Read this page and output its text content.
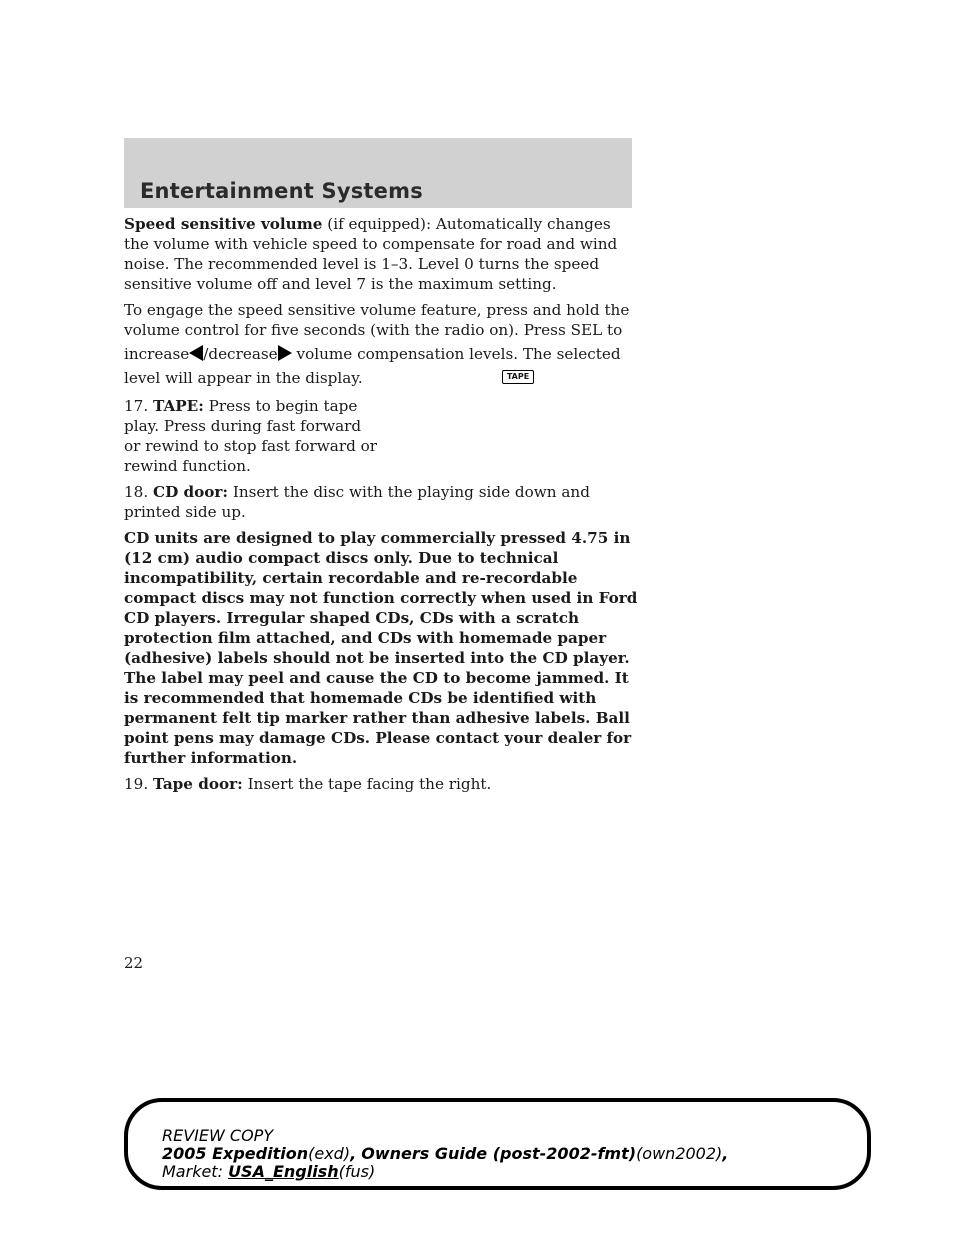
Entertainment Systems

Speed sensitive volume (if equipped): Automatically changes the volume with vehicle speed to compensate for road and wind noise. The recommended level is 1–3. Level 0 turns the speed sensitive volume off and level 7 is the maximum setting.

To engage the speed sensitive volume feature, press and hold the volume control for five seconds (with the radio on). Press SEL to

increase /decrease volume compensation levels. The selected level will appear in the display.

17. TAPE: Press to begin tape play. Press during fast forward or rewind to stop fast forward or rewind function.

18. CD door: Insert the disc with the playing side down and printed side up.

CD units are designed to play commercially pressed 4.75 in (12 cm) audio compact discs only. Due to technical incompatibility, certain recordable and re-recordable compact discs may not function correctly when used in Ford CD players. Irregular shaped CDs, CDs with a scratch protection film attached, and CDs with homemade paper (adhesive) labels should not be inserted into the CD player. The label may peel and cause the CD to become jammed. It is recommended that homemade CDs be identified with permanent felt tip marker rather than adhesive labels. Ball point pens may damage CDs. Please contact your dealer for further information.

19. Tape door: Insert the tape facing the right.

TAPE
22
REVIEW COPY
2005 Expedition(exd), Owners Guide (post-2002-fmt)(own2002),
Market: USA_English(fus)
